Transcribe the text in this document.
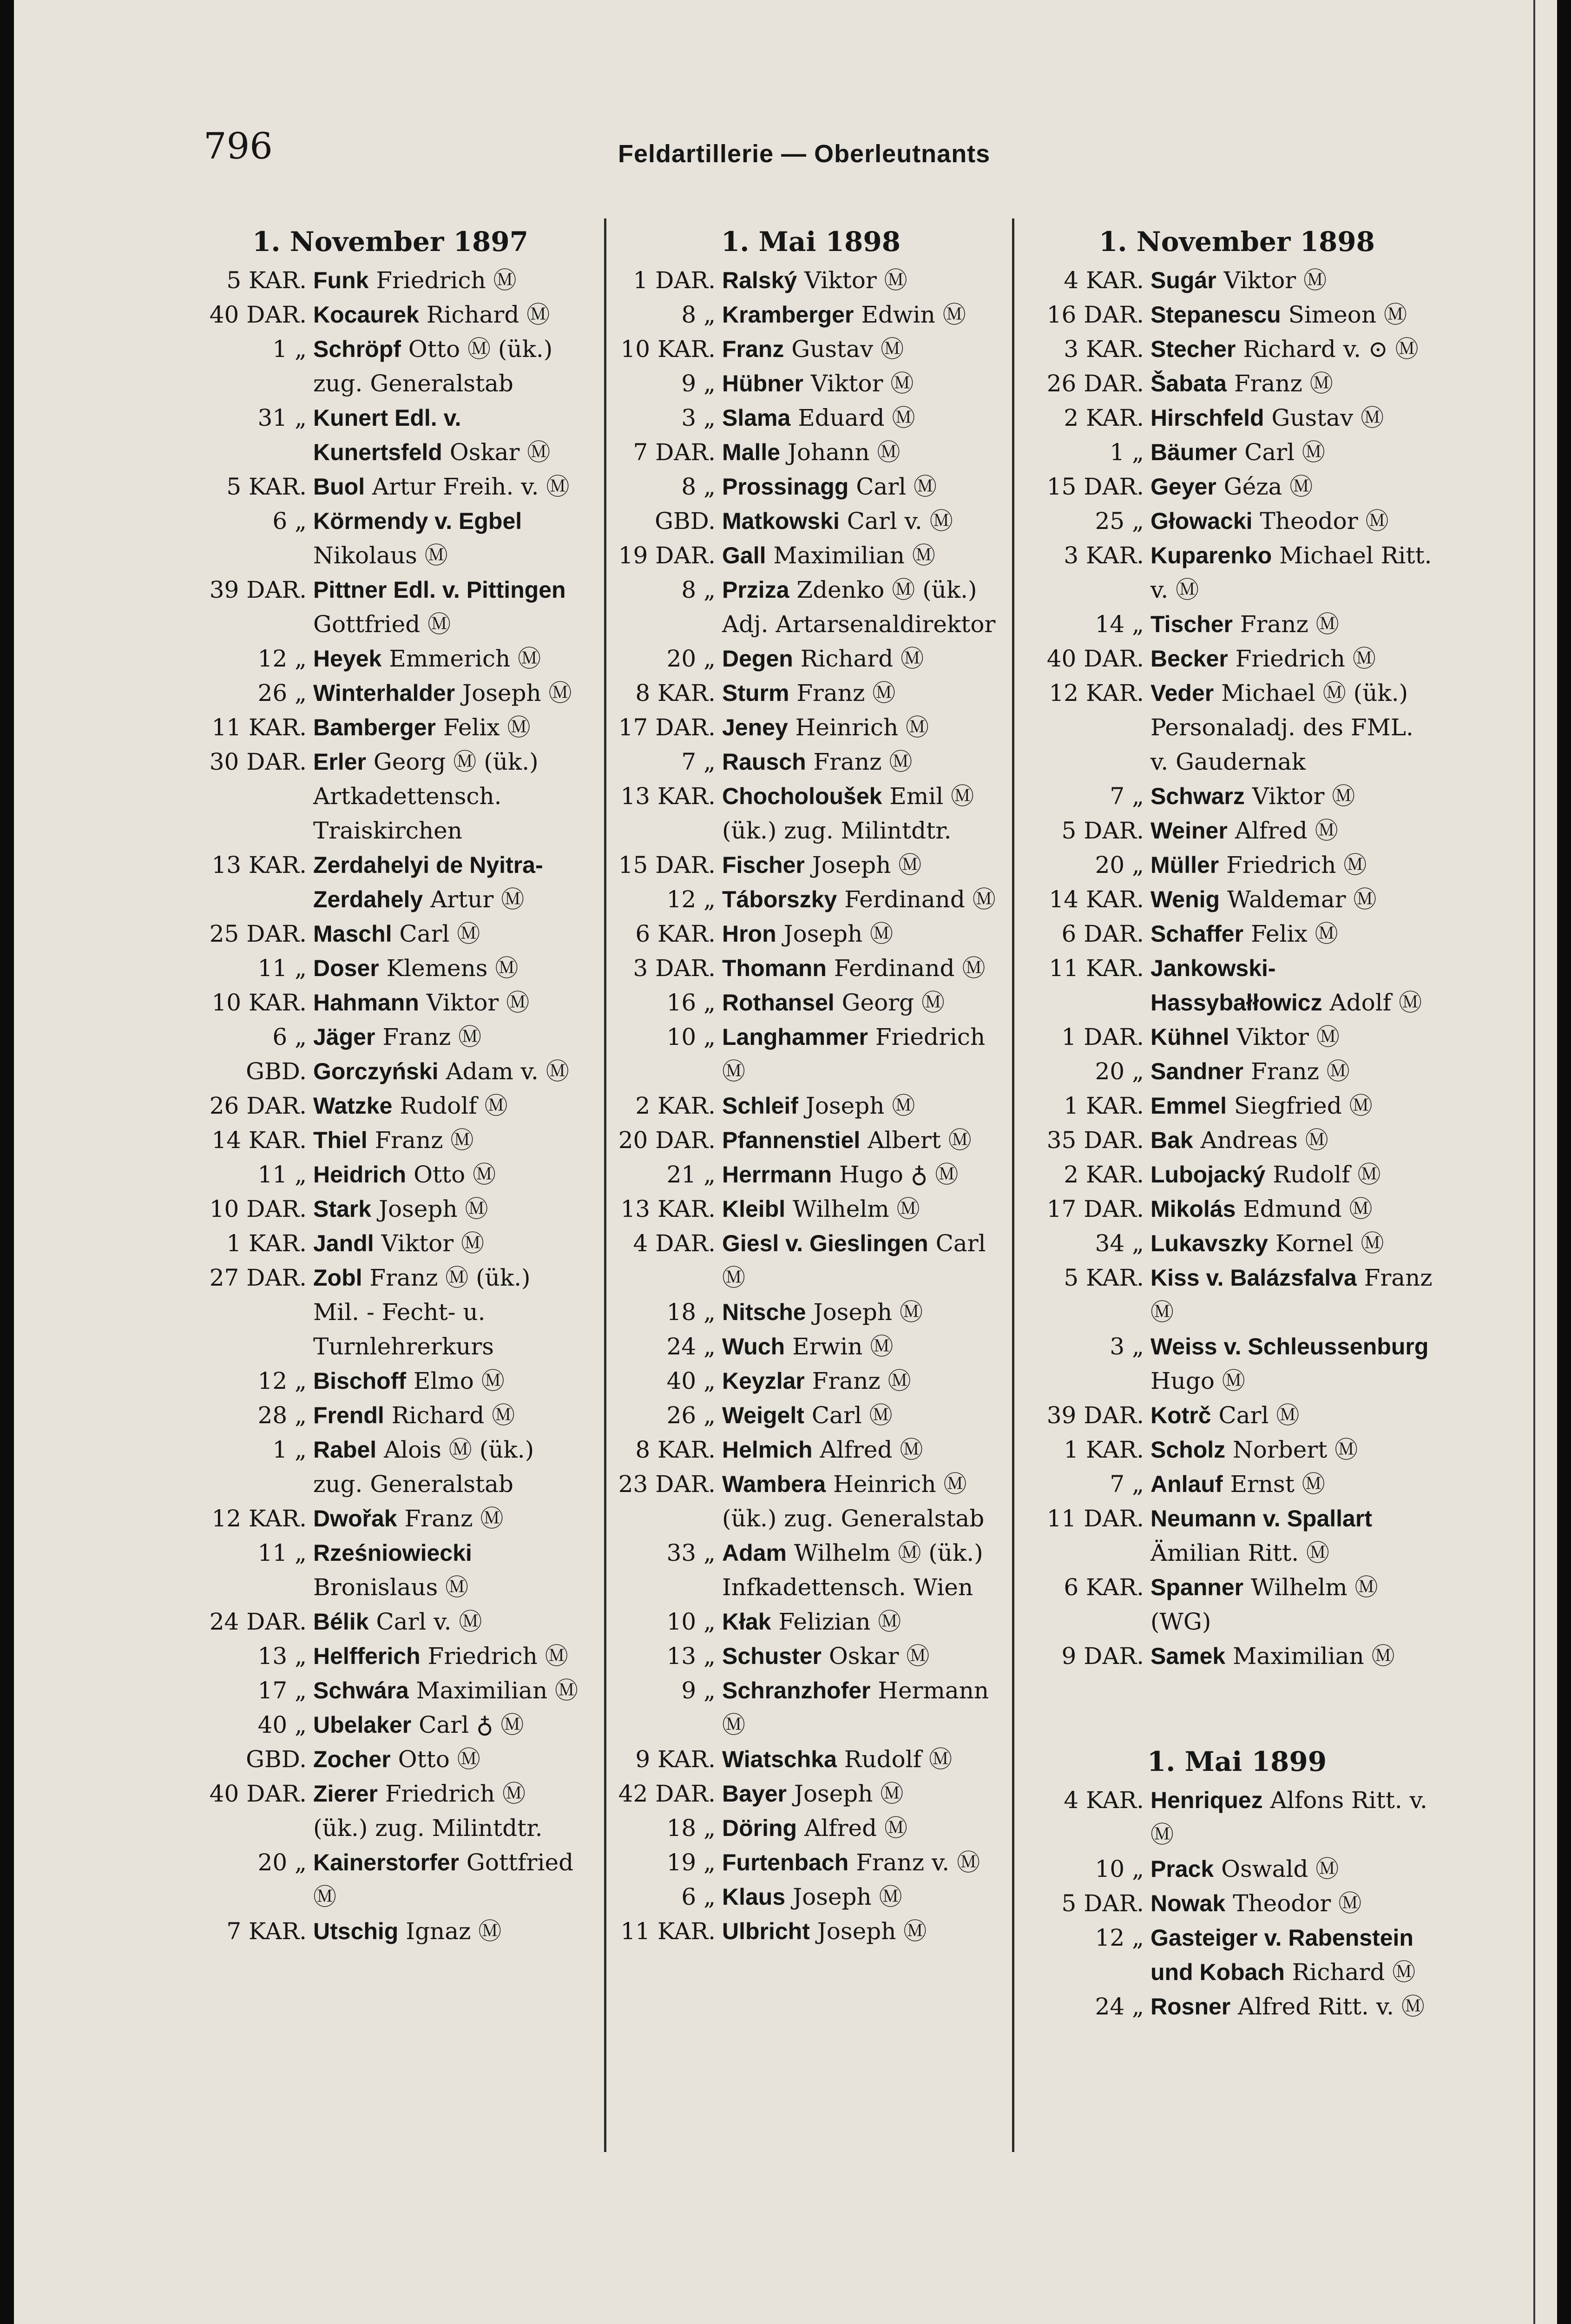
796	Feldartillerie — Oberleutnants
1. November 1897
5 KAR. Funk Friedrich Ⓜ
40 DAR. Kocaurek Richard Ⓜ
1 „ Schröpf Otto Ⓜ (ük.) zug. Generalstab
31 „ Kunert Edl. v. Kunertsfeld Oskar Ⓜ
5 KAR. Buol Artur Freih. v. Ⓜ
6 „ Körmendy v. Egbel Nikolaus Ⓜ
39 DAR. Pittner Edl. v. Pittingen Gottfried Ⓜ
12 „ Heyek Emmerich Ⓜ
26 „ Winterhalder Joseph Ⓜ
11 KAR. Bamberger Felix Ⓜ
30 DAR. Erler Georg Ⓜ (ük.) Artkadettensch. Traiskirchen
13 KAR. Zerdahelyi de Nyitra-Zerdahely Artur Ⓜ
25 DAR. Maschl Carl Ⓜ
11 „ Doser Klemens Ⓜ
10 KAR. Hahmann Viktor Ⓜ
6 „ Jäger Franz Ⓜ
GBD. Gorczyński Adam v. Ⓜ
26 DAR. Watzke Rudolf Ⓜ
14 KAR. Thiel Franz Ⓜ
11 „ Heidrich Otto Ⓜ
10 DAR. Stark Joseph Ⓜ
1 KAR. Jandl Viktor Ⓜ
27 DAR. Zobl Franz Ⓜ (ük.) Mil. - Fecht- u. Turnlehrerkurs
12 „ Bischoff Elmo Ⓜ
28 „ Frendl Richard Ⓜ
1 „ Rabel Alois Ⓜ (ük.) zug. Generalstab
12 KAR. Dwořak Franz Ⓜ
11 „ Rześniowiecki Bronislaus Ⓜ
24 DAR. Bélik Carl v. Ⓜ
13 „ Helfferich Friedrich Ⓜ
17 „ Schwára Maximilian Ⓜ
40 „ Ubelaker Carl ♁ Ⓜ
GBD. Zocher Otto Ⓜ
40 DAR. Zierer Friedrich Ⓜ (ük.) zug. Milintdtr.
20 „ Kainerstorfer Gottfried Ⓜ
7 KAR. Utschig Ignaz Ⓜ
1. Mai 1898
1 DAR. Ralský Viktor Ⓜ
8 „ Kramberger Edwin Ⓜ
10 KAR. Franz Gustav Ⓜ
9 „ Hübner Viktor Ⓜ
3 „ Slama Eduard Ⓜ
7 DAR. Malle Johann Ⓜ
8 „ Prossinagg Carl Ⓜ
GBD. Matkowski Carl v. Ⓜ
19 DAR. Gall Maximilian Ⓜ
8 „ Prziza Zdenko Ⓜ (ük.) Adj. Artarsenaldirektor
20 „ Degen Richard Ⓜ
8 KAR. Sturm Franz Ⓜ
17 DAR. Jeney Heinrich Ⓜ
7 „ Rausch Franz Ⓜ
13 KAR. Chocholoušek Emil Ⓜ (ük.) zug. Milintdtr.
15 DAR. Fischer Joseph Ⓜ
12 „ Táborszky Ferdinand Ⓜ
6 KAR. Hron Joseph Ⓜ
3 DAR. Thomann Ferdinand Ⓜ
16 „ Rothansel Georg Ⓜ
10 „ Langhammer Friedrich Ⓜ
2 KAR. Schleif Joseph Ⓜ
20 DAR. Pfannenstiel Albert Ⓜ
21 „ Herrmann Hugo ♁ Ⓜ
13 KAR. Kleibl Wilhelm Ⓜ
4 DAR. Giesl v. Gieslingen Carl Ⓜ
18 „ Nitsche Joseph Ⓜ
24 „ Wuch Erwin Ⓜ
40 „ Keyzlar Franz Ⓜ
26 „ Weigelt Carl Ⓜ
8 KAR. Helmich Alfred Ⓜ
23 DAR. Wambera Heinrich Ⓜ (ük.) zug. Generalstab
33 „ Adam Wilhelm Ⓜ (ük.) Infkadettensch. Wien
10 „ Kłak Felizian Ⓜ
13 „ Schuster Oskar Ⓜ
9 „ Schranzhofer Hermann Ⓜ
9 KAR. Wiatschka Rudolf Ⓜ
42 DAR. Bayer Joseph Ⓜ
18 „ Döring Alfred Ⓜ
19 „ Furtenbach Franz v. Ⓜ
6 „ Klaus Joseph Ⓜ
11 KAR. Ulbricht Joseph Ⓜ
1. November 1898
4 KAR. Sugár Viktor Ⓜ
16 DAR. Stepanescu Simeon Ⓜ
3 KAR. Stecher Richard v. ⊙ Ⓜ
26 DAR. Šabata Franz Ⓜ
2 KAR. Hirschfeld Gustav Ⓜ
1 „ Bäumer Carl Ⓜ
15 DAR. Geyer Géza Ⓜ
25 „ Głowacki Theodor Ⓜ
3 KAR. Kuparenko Michael Ritt. v. Ⓜ
14 „ Tischer Franz Ⓜ
40 DAR. Becker Friedrich Ⓜ
12 KAR. Veder Michael Ⓜ (ük.) Personaladj. des FML. v. Gaudernak
7 „ Schwarz Viktor Ⓜ
5 DAR. Weiner Alfred Ⓜ
20 „ Müller Friedrich Ⓜ
14 KAR. Wenig Waldemar Ⓜ
6 DAR. Schaffer Felix Ⓜ
11 KAR. Jankowski-Hassybałłowicz Adolf Ⓜ
1 DAR. Kühnel Viktor Ⓜ
20 „ Sandner Franz Ⓜ
1 KAR. Emmel Siegfried Ⓜ
35 DAR. Bak Andreas Ⓜ
2 KAR. Lubojacký Rudolf Ⓜ
17 DAR. Mikolás Edmund Ⓜ
34 „ Lukavszky Kornel Ⓜ
5 KAR. Kiss v. Balázsfalva Franz Ⓜ
3 „ Weiss v. Schleussenburg Hugo Ⓜ
39 DAR. Kotrč Carl Ⓜ
1 KAR. Scholz Norbert Ⓜ
7 „ Anlauf Ernst Ⓜ
11 DAR. Neumann v. Spallart Ämilian Ritt. Ⓜ
6 KAR. Spanner Wilhelm Ⓜ (WG)
9 DAR. Samek Maximilian Ⓜ
1. Mai 1899
4 KAR. Henriquez Alfons Ritt. v. Ⓜ
10 „ Prack Oswald Ⓜ
5 DAR. Nowak Theodor Ⓜ
12 „ Gasteiger v. Rabenstein und Kobach Richard Ⓜ
24 „ Rosner Alfred Ritt. v. Ⓜ
